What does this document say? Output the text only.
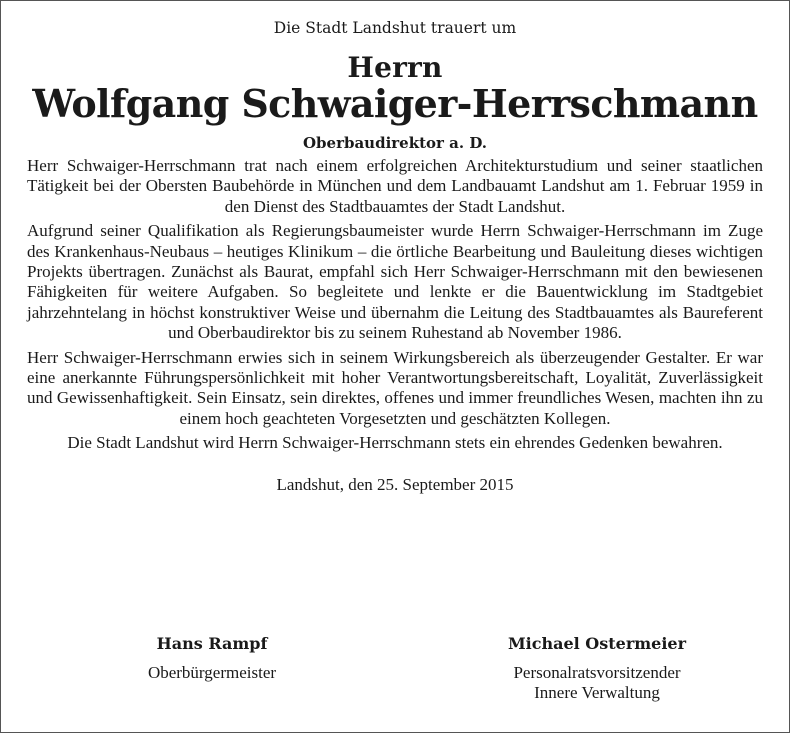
Die Stadt Landshut trauert um

Herrn

Wolfgang Schwaiger-Herrschmann

Oberbaudirektor a. D.

Herr Schwaiger-Herrschmann trat nach einem erfolgreichen Architekturstudium und seiner staatlichen Tätigkeit bei der Obersten Baubehörde in München und dem Landbauamt Landshut am 1. Februar 1959 in den Dienst des Stadtbauamtes der Stadt Landshut.

Aufgrund seiner Qualifikation als Regierungsbaumeister wurde Herrn Schwaiger-Herrschmann im Zuge des Krankenhaus-Neubaus – heutiges Klinikum – die örtliche Bearbeitung und Bauleitung dieses wichtigen Projekts übertragen. Zunächst als Baurat, empfahl sich Herr Schwaiger-Herrschmann mit den bewiesenen Fähigkeiten für weitere Aufgaben. So begleitete und lenkte er die Bauentwicklung im Stadtgebiet jahrzehntelang in höchst konstruktiver Weise und übernahm die Leitung des Stadtbauamtes als Baureferent und Oberbaudirektor bis zu seinem Ruhestand ab November 1986.

Herr Schwaiger-Herrschmann erwies sich in seinem Wirkungsbereich als überzeugender Gestalter. Er war eine anerkannte Führungspersönlichkeit mit hoher Verantwortungsbereitschaft, Loyalität, Zuverlässigkeit und Gewissenhaftigkeit. Sein Einsatz, sein direktes, offenes und immer freundliches Wesen, machten ihn zu einem hoch geachteten Vorgesetzten und geschätzten Kollegen.

Die Stadt Landshut wird Herrn Schwaiger-Herrschmann stets ein ehrendes Gedenken bewahren.

Landshut, den 25. September 2015

Hans Rampf

Oberbürgermeister

Michael Ostermeier

Personalratsvorsitzender

Innere Verwaltung
